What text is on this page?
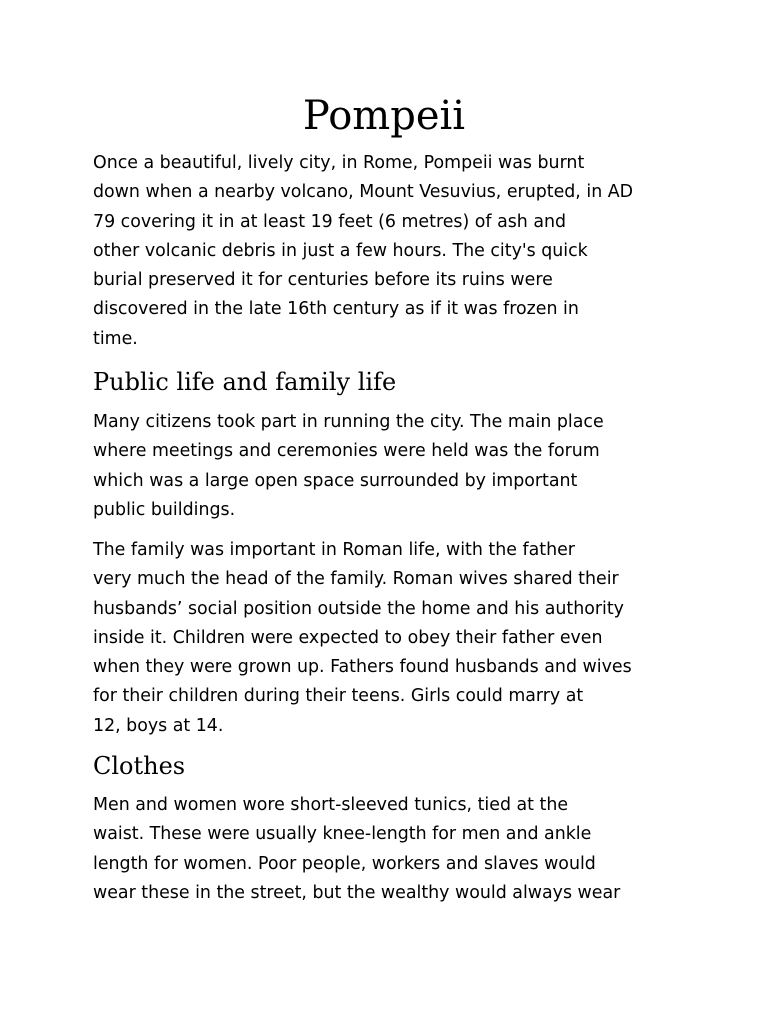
Pompeii

Once a beautiful, lively city, in Rome, Pompeii was burnt
down when a nearby volcano, Mount Vesuvius, erupted, in AD
79 covering it in at least 19 feet (6 metres) of ash and
other volcanic debris in just a few hours. The city's quick
burial preserved it for centuries before its ruins were
discovered in the late 16th century as if it was frozen in
time.

Public life and family life

Many citizens took part in running the city. The main place
where meetings and ceremonies were held was the forum
which was a large open space surrounded by important
public buildings.

The family was important in Roman life, with the father
very much the head of the family. Roman wives shared their
husbands’ social position outside the home and his authority
inside it. Children were expected to obey their father even
when they were grown up. Fathers found husbands and wives
for their children during their teens. Girls could marry at
12, boys at 14.

Clothes

Men and women wore short-sleeved tunics, tied at the
waist. These were usually knee-length for men and ankle
length for women. Poor people, workers and slaves would
wear these in the street, but the wealthy would always wear
